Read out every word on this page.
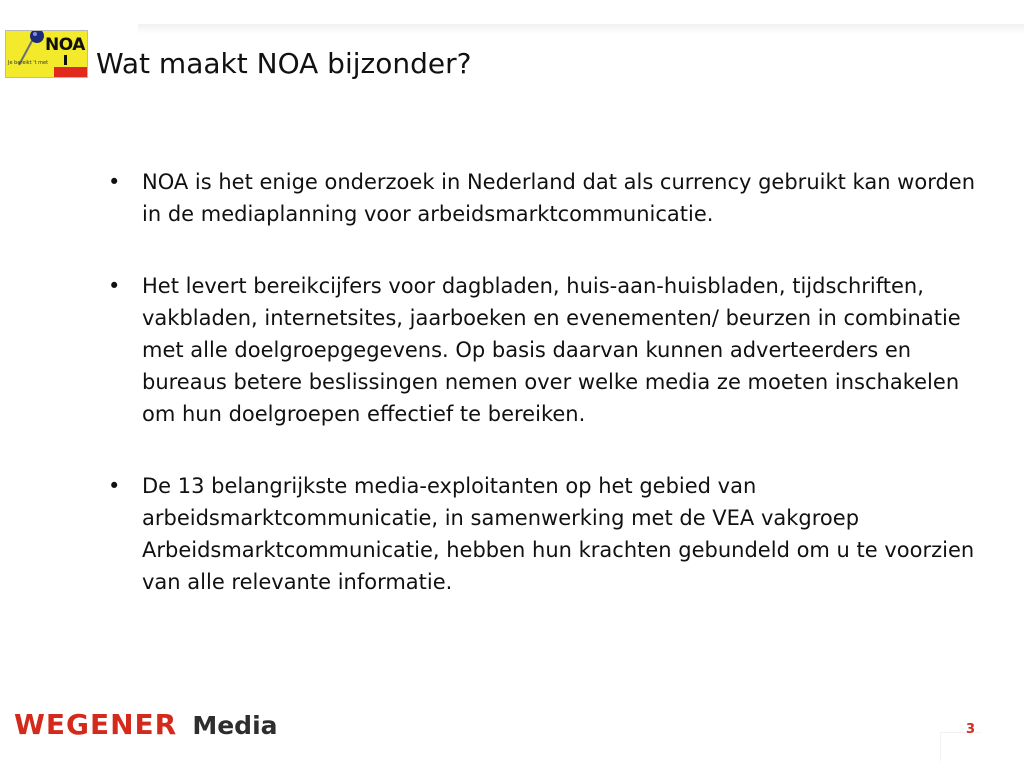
NOA
Je bereikt 't met Wat maakt NOA bijzonder?
• NOA is het enige onderzoek in Nederland dat als currency gebruikt kan worden in de mediaplanning voor arbeidsmarktcommunicatie.
• Het levert bereikcijfers voor dagbladen, huis-aan-huisbladen, tijdschriften, vakbladen, internetsites, jaarboeken en evenementen/ beurzen in combinatie met alle doelgroepgegevens. Op basis daarvan kunnen adverteerders en bureaus betere beslissingen nemen over welke media ze moeten inschakelen om hun doelgroepen effectief te bereiken.
• De 13 belangrijkste media-exploitanten op het gebied van arbeidsmarktcommunicatie, in samenwerking met de VEA vakgroep Arbeidsmarktcommunicatie, hebben hun krachten gebundeld om u te voorzien van alle relevante informatie.
WEGENER Media	3
